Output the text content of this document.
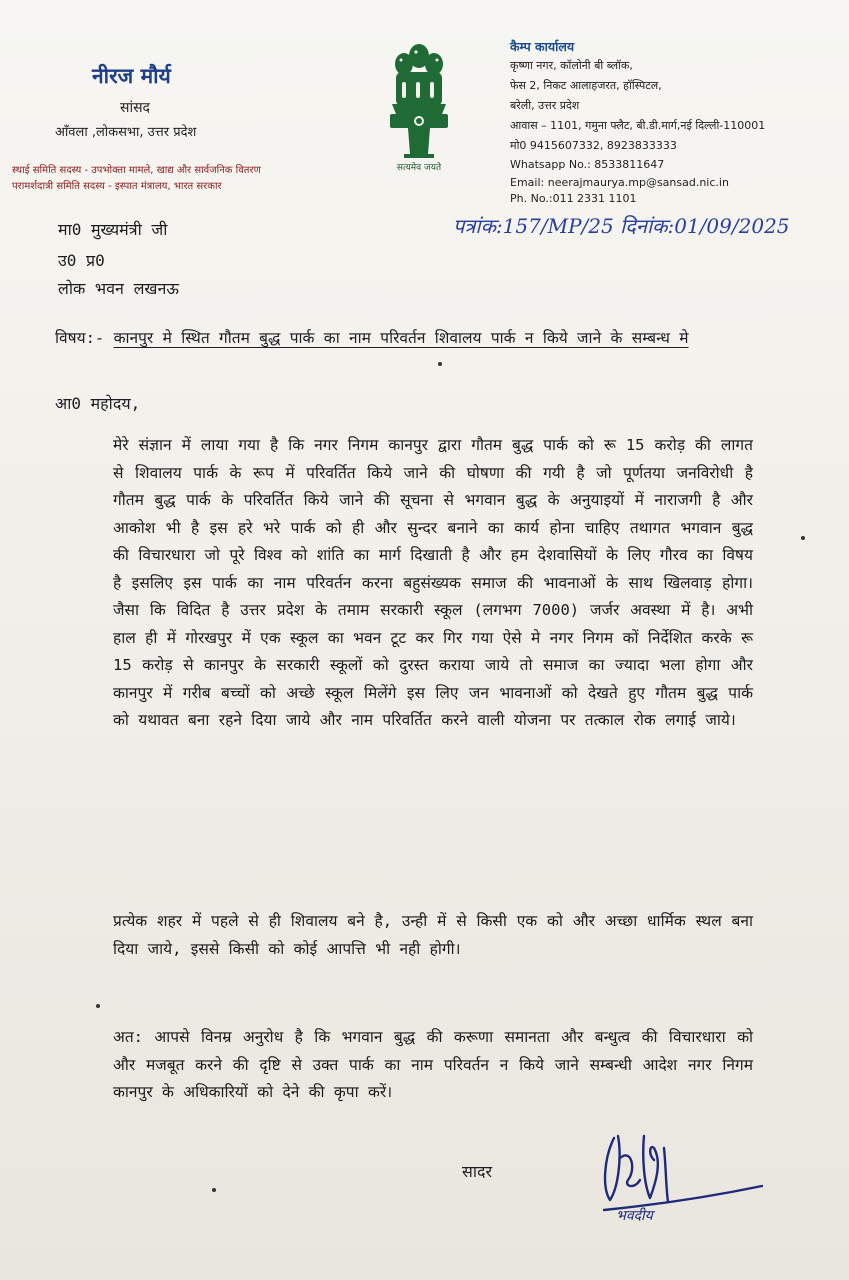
नीरज मौर्य
सांसद
आँवला ,लोकसभा, उत्तर प्रदेश
स्थाई समिति सदस्य - उपभोक्ता मामले, खाद्य और सार्वजनिक वितरण
परामर्शदात्री समिति सदस्य - इस्पात मंत्रालय, भारत सरकार
सत्यमेव जयते
कैम्प कार्यालय
कृष्णा नगर, कॉलोनी बी ब्लॉक,
फेस 2, निकट आलाहजरत, हॉस्पिटल,
बरेली, उत्तर प्रदेश
आवास – 1101, गमुना फ्लैट, बी.डी.मार्ग,नई दिल्ली-110001
मो0 9415607332, 8923833333
Whatsapp No.: 8533811647
Email: neerajmaurya.mp@sansad.nic.in
Ph. No.:011 2331 1101
पत्रांक:157/MP/25 दिनांक:01/09/2025
मा0 मुख्यमंत्री जी
उ0 प्र0
लोक भवन लखनऊ
विषय:- कानपुर मे स्थित गौतम बुद्ध पार्क का नाम परिवर्तन शिवालय पार्क न किये जाने के सम्बन्ध मे
आ0 महोदय,
मेरे संज्ञान में लाया गया है कि नगर निगम कानपुर द्वारा गौतम बुद्ध पार्क को रू 15 करोड़ की लागत से शिवालय पार्क के रूप में परिवर्तित किये जाने की घोषणा की गयी है जो पूर्णतया जनविरोधी है गौतम बुद्ध पार्क के परिवर्तित किये जाने की सूचना से भगवान बुद्ध के अनुयाइयों में नाराजगी है और आकोश भी है इस हरे भरे पार्क को ही और सुन्दर बनाने का कार्य होना चाहिए तथागत भगवान बुद्ध की विचारधारा जो पूरे विश्व को शांति का मार्ग दिखाती है और हम देशवासियों के लिए गौरव का विषय है इसलिए इस पार्क का नाम परिवर्तन करना बहुसंख्यक समाज की भावनाओं के साथ खिलवाड़ होगा। जैसा कि विदित है उत्तर प्रदेश के तमाम सरकारी स्कूल (लगभग 7000) जर्जर अवस्था में है। अभी हाल ही में गोरखपुर में एक स्कूल का भवन टूट कर गिर गया ऐसे मे नगर निगम कों निर्देशित करके रू 15 करोड़ से कानपुर के सरकारी स्कूलों को दुरस्त कराया जाये तो समाज का ज्यादा भला होगा और कानपुर में गरीब बच्चों को अच्छे स्कूल मिलेंगे इस लिए जन भावनाओं को देखते हुए गौतम बुद्ध पार्क को यथावत बना रहने दिया जाये और नाम परिवर्तित करने वाली योजना पर तत्काल रोक लगाई जाये।
प्रत्येक शहर में पहले से ही शिवालय बने है, उन्ही में से किसी एक को और अच्छा धार्मिक स्थल बना दिया जाये, इससे किसी को कोई आपत्ति भी नही होगी।
अत: आपसे विनम्र अनुरोध है कि भगवान बुद्ध की करूणा समानता और बन्धुत्व की विचारधारा को और मजबूत करने की दृष्टि से उक्त पार्क का नाम परिवर्तन न किये जाने सम्बन्धी आदेश नगर निगम कानपुर के अधिकारियों को देने की कृपा करें।
सादर
भवदीय
